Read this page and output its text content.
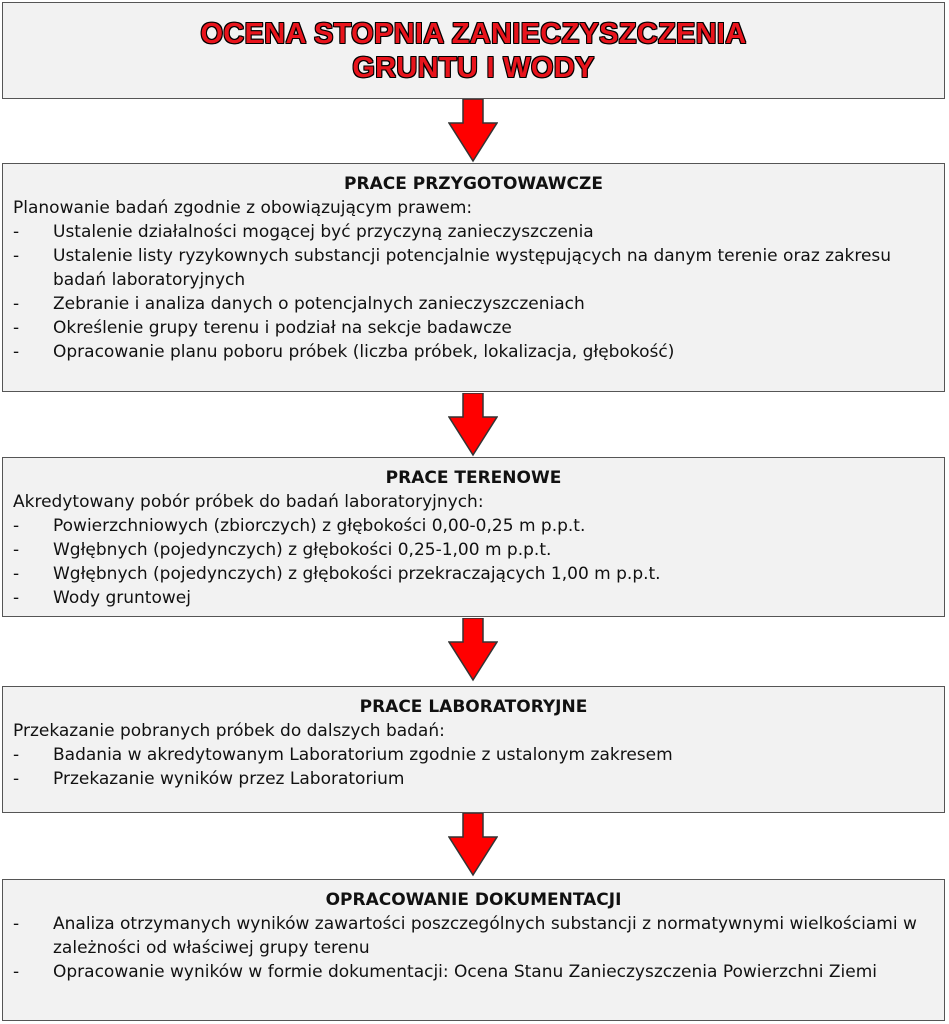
OCENA STOPNIA ZANIECZYSZCZENIA
GRUNTU I WODY
PRACE PRZYGOTOWAWCZE

Planowanie badań zgodnie z obowiązującym prawem:

- Ustalenie działalności mogącej być przyczyną zanieczyszczenia
- Ustalenie listy ryzykownych substancji potencjalnie występujących na danym terenie oraz zakresu badań laboratoryjnych
- Zebranie i analiza danych o potencjalnych zanieczyszczeniach
- Określenie grupy terenu i podział na sekcje badawcze
- Opracowanie planu poboru próbek (liczba próbek, lokalizacja, głębokość)
PRACE TERENOWE

Akredytowany pobór próbek do badań laboratoryjnych:

- Powierzchniowych (zbiorczych) z głębokości 0,00-0,25 m p.p.t.
- Wgłębnych (pojedynczych) z głębokości 0,25-1,00 m p.p.t.
- Wgłębnych (pojedynczych) z głębokości przekraczających 1,00 m p.p.t.
- Wody gruntowej
PRACE LABORATORYJNE

Przekazanie pobranych próbek do dalszych badań:

- Badania w akredytowanym Laboratorium zgodnie z ustalonym zakresem
- Przekazanie wyników przez Laboratorium
OPRACOWANIE DOKUMENTACJI
- Analiza otrzymanych wyników zawartości poszczególnych substancji z normatywnymi wielkościami w zależności od właściwej grupy terenu
- Opracowanie wyników w formie dokumentacji: Ocena Stanu Zanieczyszczenia Powierzchni Ziemi
